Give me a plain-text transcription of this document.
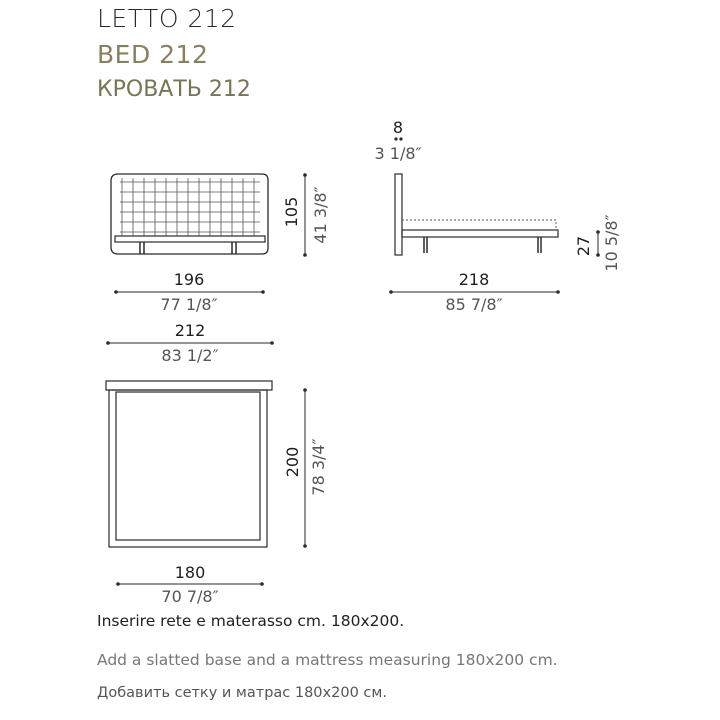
LETTO 212
BED 212
КРОВАТЬ 212
196
77 1/8″
105 41 3/8″
8
3 1/8″
218
85 7/8″
27 10 5/8″
212
83 1/2″
200 78 3/4″
180
70 7/8″
Inserire rete e materasso cm. 180x200.
Add a slatted base and a mattress measuring 180x200 cm.
Добавить сетку и матрас 180x200 см.
